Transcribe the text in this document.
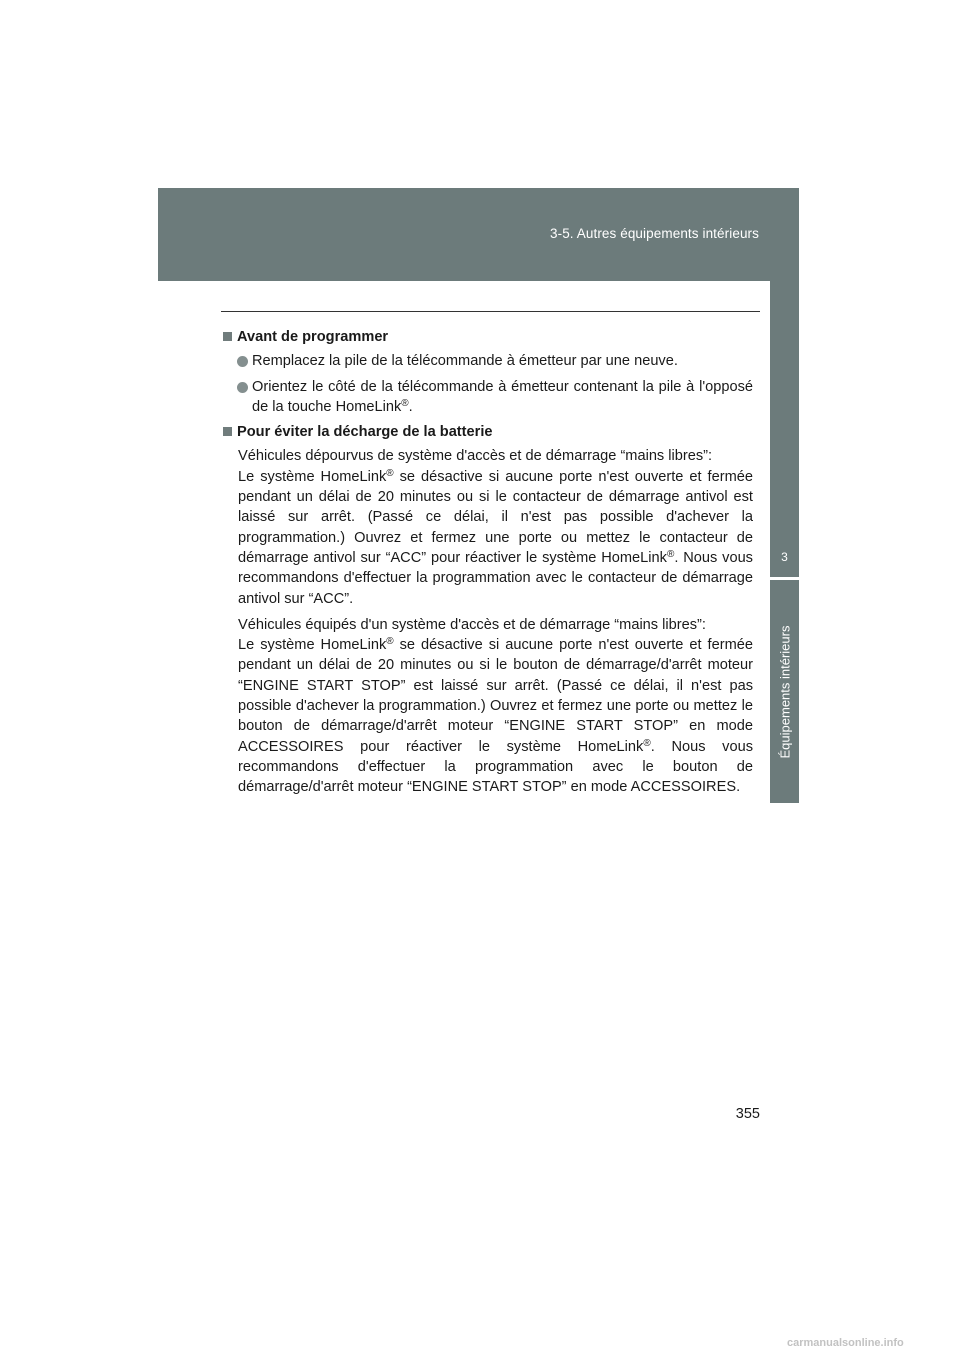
3-5. Autres équipements intérieurs
3
Équipements intérieurs
Avant de programmer
Remplacez la pile de la télécommande à émetteur par une neuve.
Orientez le côté de la télécommande à émetteur contenant la pile à l'opposé de la touche HomeLink®.
Pour éviter la décharge de la batterie
Véhicules dépourvus de système d'accès et de démarrage “mains libres”:
Le système HomeLink® se désactive si aucune porte n'est ouverte et fermée pendant un délai de 20 minutes ou si le contacteur de démarrage antivol est laissé sur arrêt. (Passé ce délai, il n'est pas possible d'achever la programmation.) Ouvrez et fermez une porte ou mettez le contacteur de démarrage antivol sur “ACC” pour réactiver le système HomeLink®. Nous vous recommandons d'effectuer la programmation avec le contacteur de démarrage antivol sur “ACC”.
Véhicules équipés d'un système d'accès et de démarrage “mains libres”:
Le système HomeLink® se désactive si aucune porte n'est ouverte et fermée pendant un délai de 20 minutes ou si le bouton de démarrage/d'arrêt moteur “ENGINE START STOP” est laissé sur arrêt. (Passé ce délai, il n'est pas possible d'achever la programmation.) Ouvrez et fermez une porte ou mettez le bouton de démarrage/d'arrêt moteur “ENGINE START STOP” en mode ACCESSOIRES pour réactiver le système HomeLink®. Nous vous recommandons d'effectuer la programmation avec le bouton de démarrage/d'arrêt moteur “ENGINE START STOP” en mode ACCESSOIRES.
355
carmanualsonline.info
